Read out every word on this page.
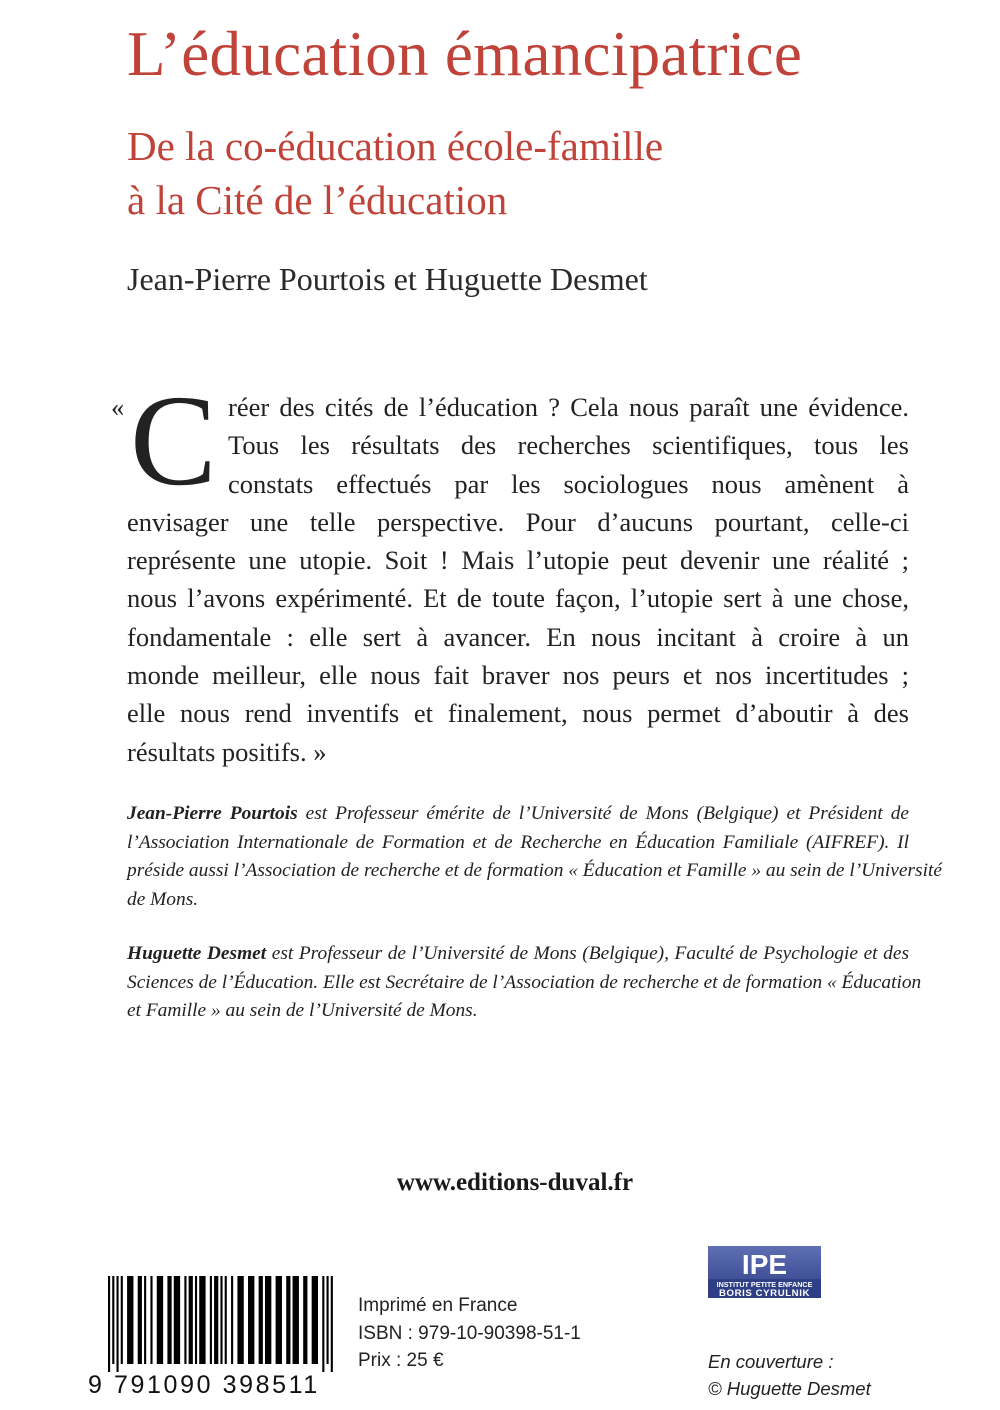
L’éducation émancipatrice
De la co-éducation école-famille
à la Cité de l’éducation
Jean-Pierre Pourtois et Huguette Desmet
« C réer des cités de l’éducation ? Cela nous paraît une évidence.
Tous les résultats des recherches scientifiques, tous les
constats effectués par les sociologues nous amènent à
envisager une telle perspective. Pour d’aucuns pourtant, celle-ci
représente une utopie. Soit ! Mais l’utopie peut devenir une réalité ;
nous l’avons expérimenté. Et de toute façon, l’utopie sert à une chose,
fondamentale : elle sert à avancer. En nous incitant à croire à un
monde meilleur, elle nous fait braver nos peurs et nos incertitudes ;
elle nous rend inventifs et finalement, nous permet d’aboutir à des
résultats positifs. »
Jean-Pierre Pourtois est Professeur émérite de l’Université de Mons (Belgique) et Président de
l’Association Internationale de Formation et de Recherche en Éducation Familiale (AIFREF). Il
préside aussi l’Association de recherche et de formation « Éducation et Famille » au sein de l’Université
de Mons.
Huguette Desmet est Professeur de l’Université de Mons (Belgique), Faculté de Psychologie et des
Sciences de l’Éducation. Elle est Secrétaire de l’Association de recherche et de formation « Éducation
et Famille » au sein de l’Université de Mons.
www.editions-duval.fr
9 791090 398511
Imprimé en France
ISBN : 979-10-90398-51-1
Prix : 25 €
IPE
INSTITUT PETITE ENFANCE
BORIS CYRULNIK
En couverture :
© Huguette Desmet
